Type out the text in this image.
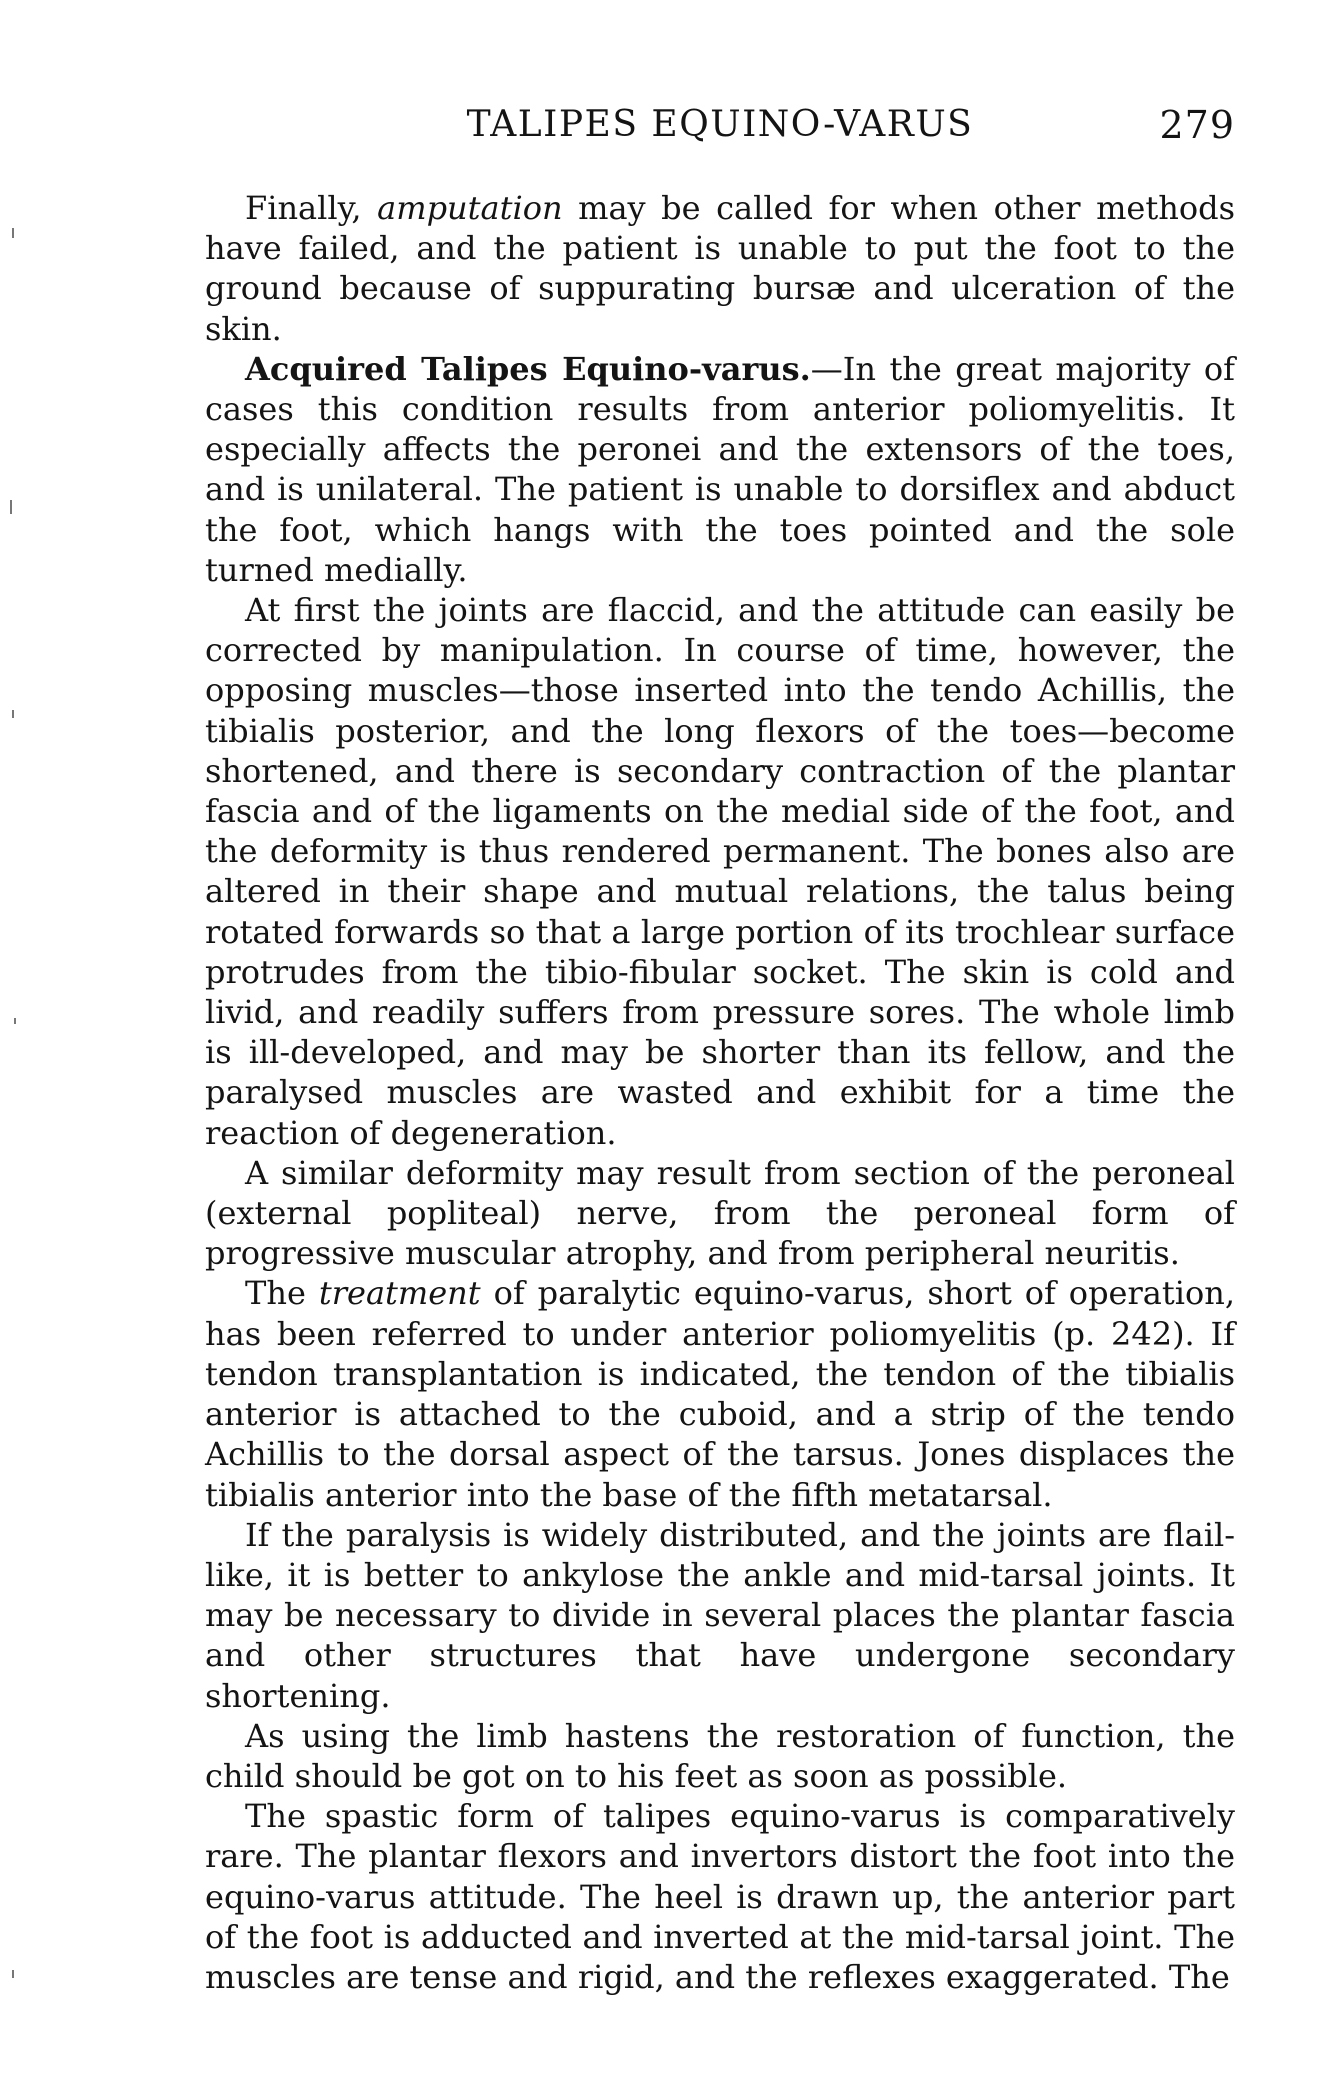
TALIPES EQUINO-VARUS	279

Finally, amputation may be called for when other methods have failed, and the patient is unable to put the foot to the ground because of suppurating bursæ and ulceration of the skin.

Acquired Talipes Equino-varus.—In the great majority of cases this condition results from anterior poliomyelitis. It especially affects the peronei and the extensors of the toes, and is unilateral. The patient is unable to dorsiflex and abduct the foot, which hangs with the toes pointed and the sole turned medially.

At first the joints are flaccid, and the attitude can easily be corrected by manipulation. In course of time, however, the opposing muscles—those inserted into the tendo Achillis, the tibialis posterior, and the long flexors of the toes—become shortened, and there is secondary contraction of the plantar fascia and of the ligaments on the medial side of the foot, and the deformity is thus rendered permanent. The bones also are altered in their shape and mutual relations, the talus being rotated forwards so that a large portion of its trochlear surface protrudes from the tibio-fibular socket. The skin is cold and livid, and readily suffers from pressure sores. The whole limb is ill-developed, and may be shorter than its fellow, and the paralysed muscles are wasted and exhibit for a time the reaction of degeneration.

A similar deformity may result from section of the peroneal (external popliteal) nerve, from the peroneal form of progressive muscular atrophy, and from peripheral neuritis.

The treatment of paralytic equino-varus, short of operation, has been referred to under anterior poliomyelitis (p. 242). If tendon transplantation is indicated, the tendon of the tibialis anterior is attached to the cuboid, and a strip of the tendo Achillis to the dorsal aspect of the tarsus. Jones displaces the tibialis anterior into the base of the fifth metatarsal.

If the paralysis is widely distributed, and the joints are flail-like, it is better to ankylose the ankle and mid-tarsal joints. It may be necessary to divide in several places the plantar fascia and other structures that have undergone secondary shortening.

As using the limb hastens the restoration of function, the child should be got on to his feet as soon as possible.

The spastic form of talipes equino-varus is comparatively rare. The plantar flexors and invertors distort the foot into the equino-varus attitude. The heel is drawn up, the anterior part of the foot is adducted and inverted at the mid-tarsal joint. The muscles are tense and rigid, and the reflexes exaggerated. The
